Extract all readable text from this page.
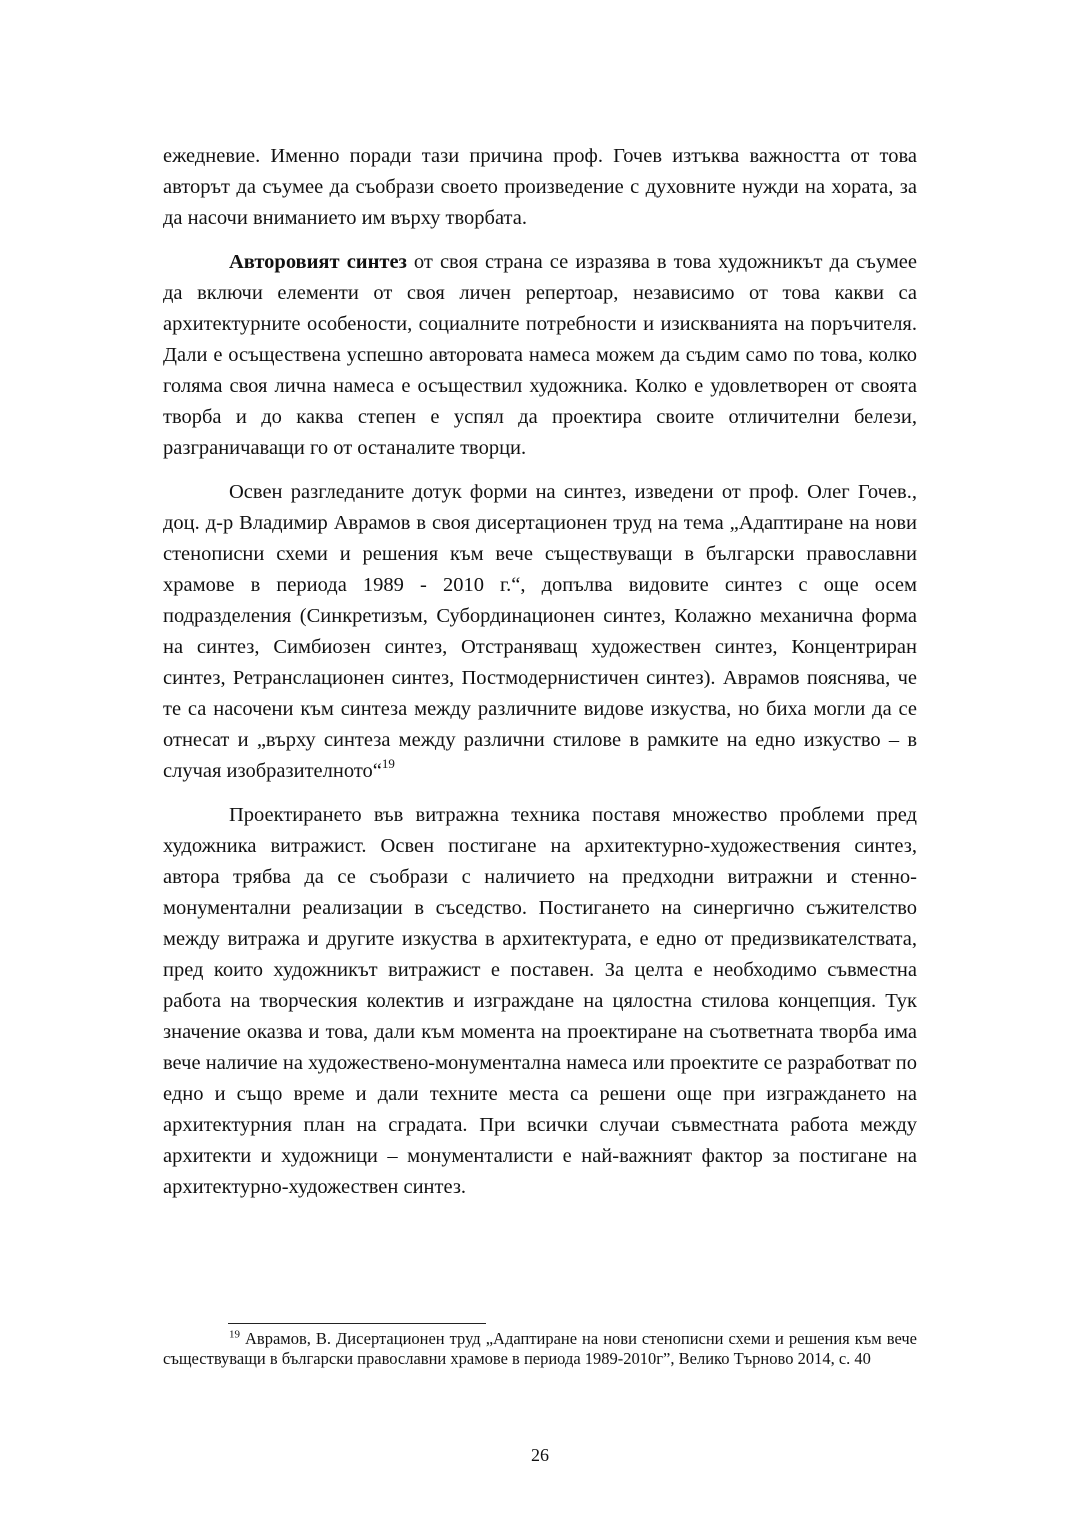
ежедневие. Именно поради тази причина проф. Гочев изтъква важността от това авторът да съумее да съобрази своето произведение с духовните нужди на хората, за да насочи вниманието им върху творбата.

Авторовият синтез от своя страна се изразява в това художникът да съумее да включи елементи от своя личен репертоар, независимо от това какви са архитектурните особености, социалните потребности и изискванията на поръчителя. Дали е осъществена успешно авторовата намеса можем да съдим само по това, колко голяма своя лична намеса е осъществил художника. Колко е удовлетворен от своята творба и до каква степен е успял да проектира своите отличителни белези, разграничаващи го от останалите творци.

Освен разгледаните дотук форми на синтез, изведени от проф. Олег Гочев., доц. д-р Владимир Аврамов в своя дисертационен труд на тема „Адаптиране на нови стенописни схеми и решения към вече съществуващи в български православни храмове в периода 1989 - 2010 г.“, допълва видовите синтез с още осем подразделения (Синкретизъм, Субординационен синтез, Колажно механична форма на синтез, Симбиозен синтез, Отстраняващ художествен синтез, Концентриран синтез, Ретранслационен синтез, Постмодернистичен синтез). Аврамов пояснява, че те са насочени към синтеза между различните видове изкуства, но биха могли да се отнесат и „върху синтеза между различни стилове в рамките на едно изкуство – в случая изобразителното“$^{19}$

Проектирането във витражна техника поставя множество проблеми пред художника витражист. Освен постигане на архитектурно-художествения синтез, автора трябва да се съобрази с наличието на предходни витражни и стенно-монументални реализации в съседство. Постигането на синергично съжителство между витража и другите изкуства в архитектурата, е едно от предизвикателствата, пред които художникът витражист е поставен. За целта е необходимо съвместна работа на творческия колектив и изграждане на цялостна стилова концепция. Тук значение оказва и това, дали към момента на проектиране на съответната творба има вече наличие на художествено-монументална намеса или проектите се разработват по едно и също време и дали техните места са решени още при изграждането на архитектурния план на сградата. При всички случаи съвместната работа между архитекти и художници – монументалисти е най-важният фактор за постигане на архитектурно-художествен синтез.

$^{19}$ Аврамов, В. Дисертационен труд „Адаптиране на нови стенописни схеми и решения към вече съществуващи в български православни храмове в периода 1989-2010г”, Велико Търново 2014, с. 40

26
